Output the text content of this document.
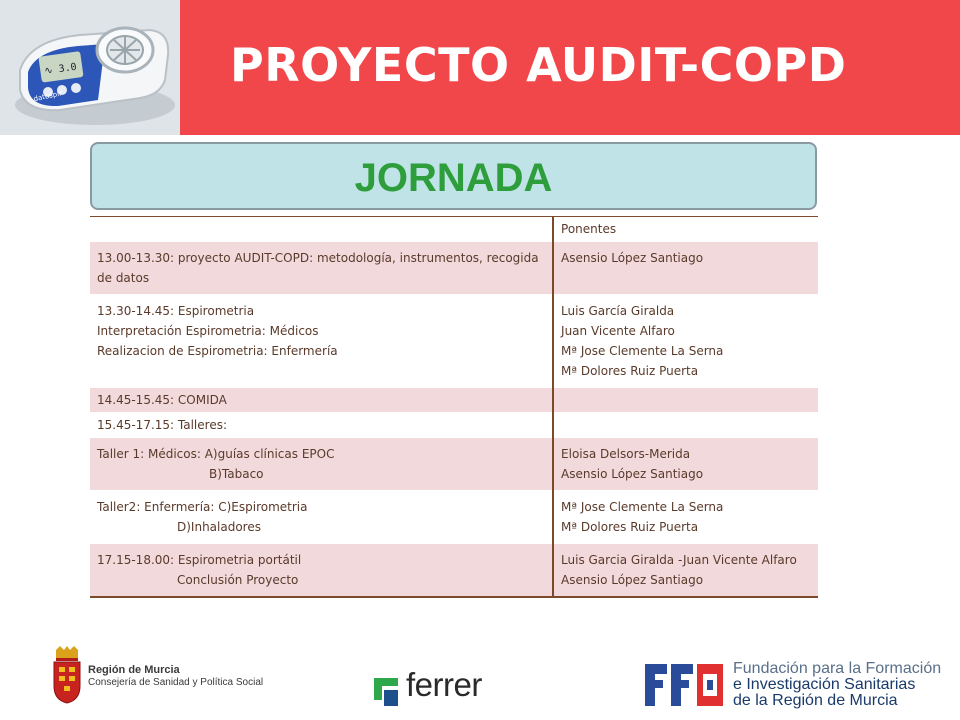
∿ 3.0
datospir
PROYECTO AUDIT-COPD
JORNADA
	Ponentes

13.00-13.30: proyecto AUDIT-COPD: metodología, instrumentos, recogida
de datos	Asensio López Santiago

13.30-14.45: Espirometria
Interpretación Espirometria: Médicos
Realizacion de Espirometria: Enfermería	Luis García Giralda
Juan Vicente Alfaro
Mª Jose Clemente La Serna
Mª Dolores Ruiz Puerta

14.45-15.45: COMIDA	

15.45-17.15: Talleres:	

Taller 1: Médicos: A)guías clínicas EPOC
B)Tabaco	Eloisa Delsors-Merida
Asensio López Santiago

Taller2: Enfermería: C)Espirometria
D)Inhaladores	Mª Jose Clemente La Serna
Mª Dolores Ruiz Puerta

17.15-18.00: Espirometria portátil
Conclusión Proyecto	Luis Garcia Giralda -Juan Vicente Alfaro
Asensio López Santiago
Región de Murcia
Consejería de Sanidad y Política Social	ferrer	Fundación para la Formación
e Investigación Sanitarias
de la Región de Murcia
